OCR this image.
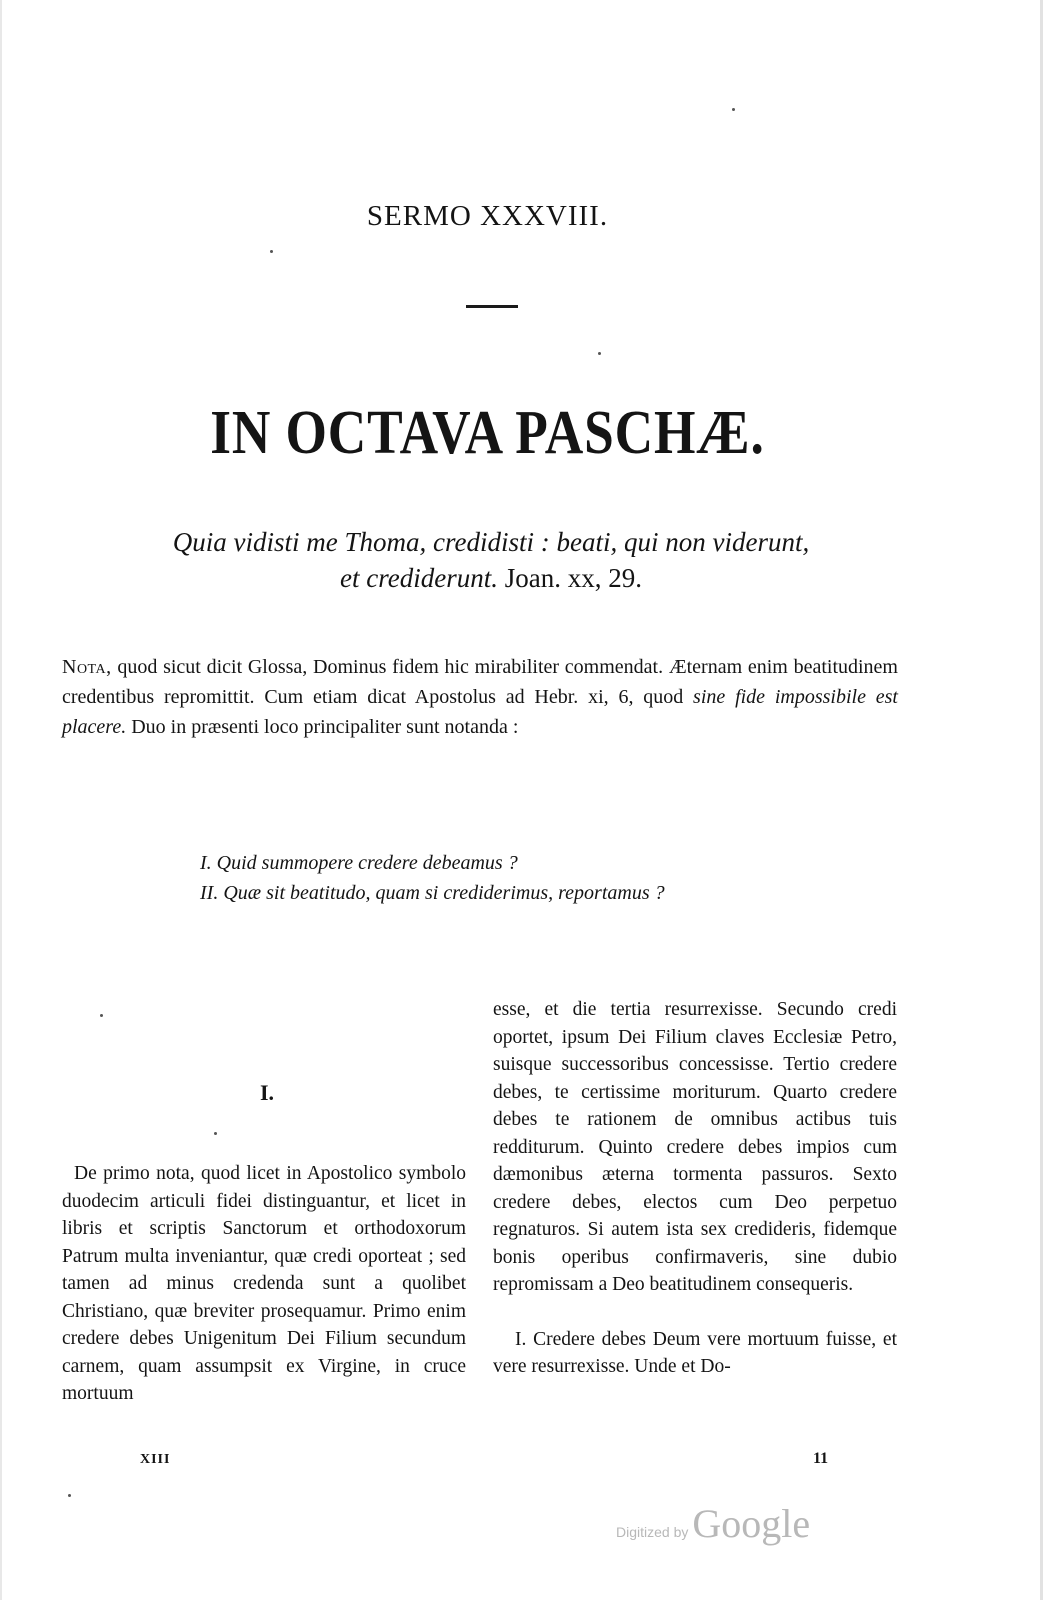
SERMO XXXVIII.
IN OCTAVA PASCHÆ.
Quia vidisti me Thoma, credidisti : beati, qui non viderunt,
et crediderunt. Joan. xx, 29.
Nota, quod sicut dicit Glossa, Dominus fidem hic mirabiliter commendat. Æternam enim beatitudinem credentibus repromittit. Cum etiam dicat Apostolus ad Hebr. xi, 6, quod sine fide impossibile est placere. Duo in præsenti loco principaliter sunt notanda :
I. Quid summopere credere debeamus ?
II. Quæ sit beatitudo, quam si crediderimus, reportamus ?
I.

De primo nota, quod licet in Apostolico symbolo duodecim articuli fidei distinguantur, et licet in libris et scriptis Sanctorum et orthodoxorum Patrum multa inveniantur, quæ credi oporteat ; sed tamen ad minus credenda sunt a quolibet Christiano, quæ breviter prosequamur. Primo enim credere debes Unigenitum Dei Filium secundum carnem, quam assumpsit ex Virgine, in cruce mortuum

esse, et die tertia resurrexisse. Secundo credi oportet, ipsum Dei Filium claves Ecclesiæ Petro, suisque successoribus concessisse. Tertio credere debes, te certissime moriturum. Quarto credere debes te rationem de omnibus actibus tuis redditurum. Quinto credere debes impios cum dæmonibus æterna tormenta passuros. Sexto credere debes, electos cum Deo perpetuo regnaturos. Si autem ista sex credideris, fidemque bonis operibus confirmaveris, sine dubio repromissam a Deo beatitudinem consequeris.

I. Credere debes Deum vere mortuum fuisse, et vere resurrexisse. Unde et Do-

XIII	11
Digitized by Google
